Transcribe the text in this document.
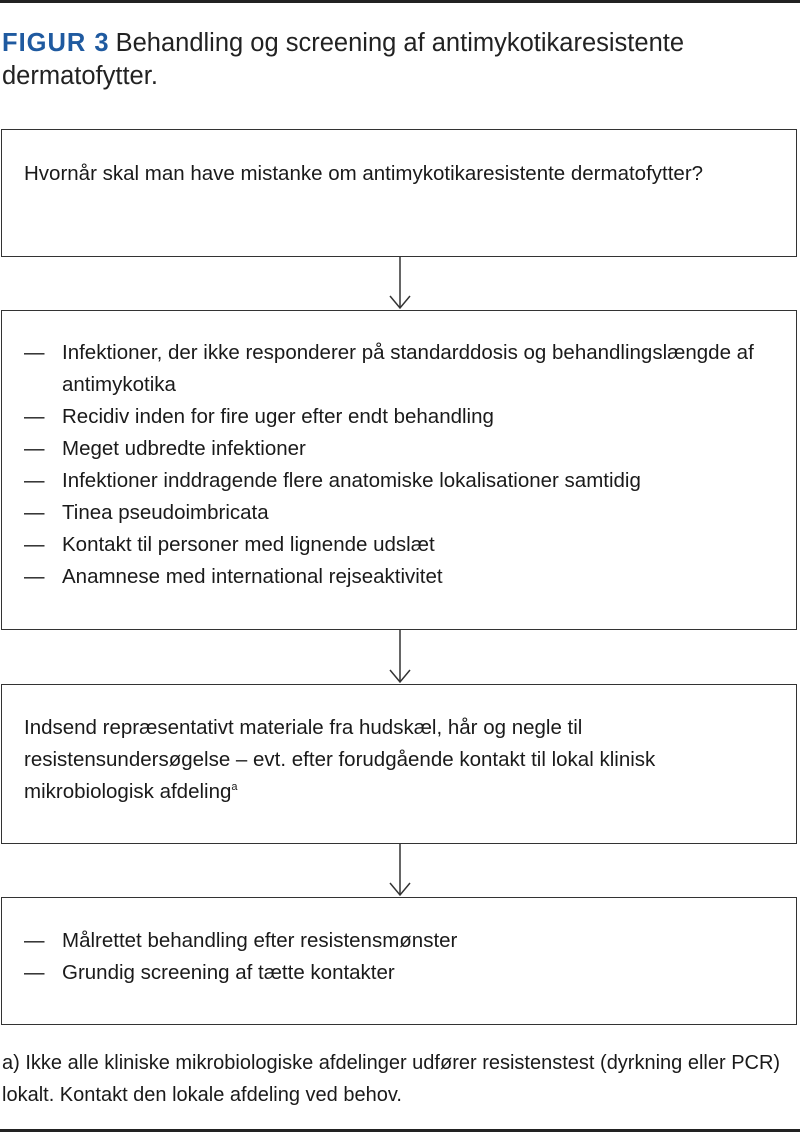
FIGUR 3 Behandling og screening af antimykotikaresistente dermatofytter.
Hvornår skal man have mistanke om antimykotikaresistente dermatofytter?
— Infektioner, der ikke responderer på standarddosis og behandlingslængde af antimykotika
— Recidiv inden for fire uger efter endt behandling
— Meget udbredte infektioner
— Infektioner inddragende flere anatomiske lokalisationer samtidig
— Tinea pseudoimbricata
— Kontakt til personer med lignende udslæt
— Anamnese med international rejseaktivitet
Indsend repræsentativt materiale fra hudskæl, hår og negle til resistensundersøgelse – evt. efter forudgående kontakt til lokal klinisk mikrobiologisk afdeling$^a$
— Målrettet behandling efter resistensmønster
— Grundig screening af tætte kontakter
a) Ikke alle kliniske mikrobiologiske afdelinger udfører resistenstest (dyrkning eller PCR) lokalt. Kontakt den lokale afdeling ved behov.
